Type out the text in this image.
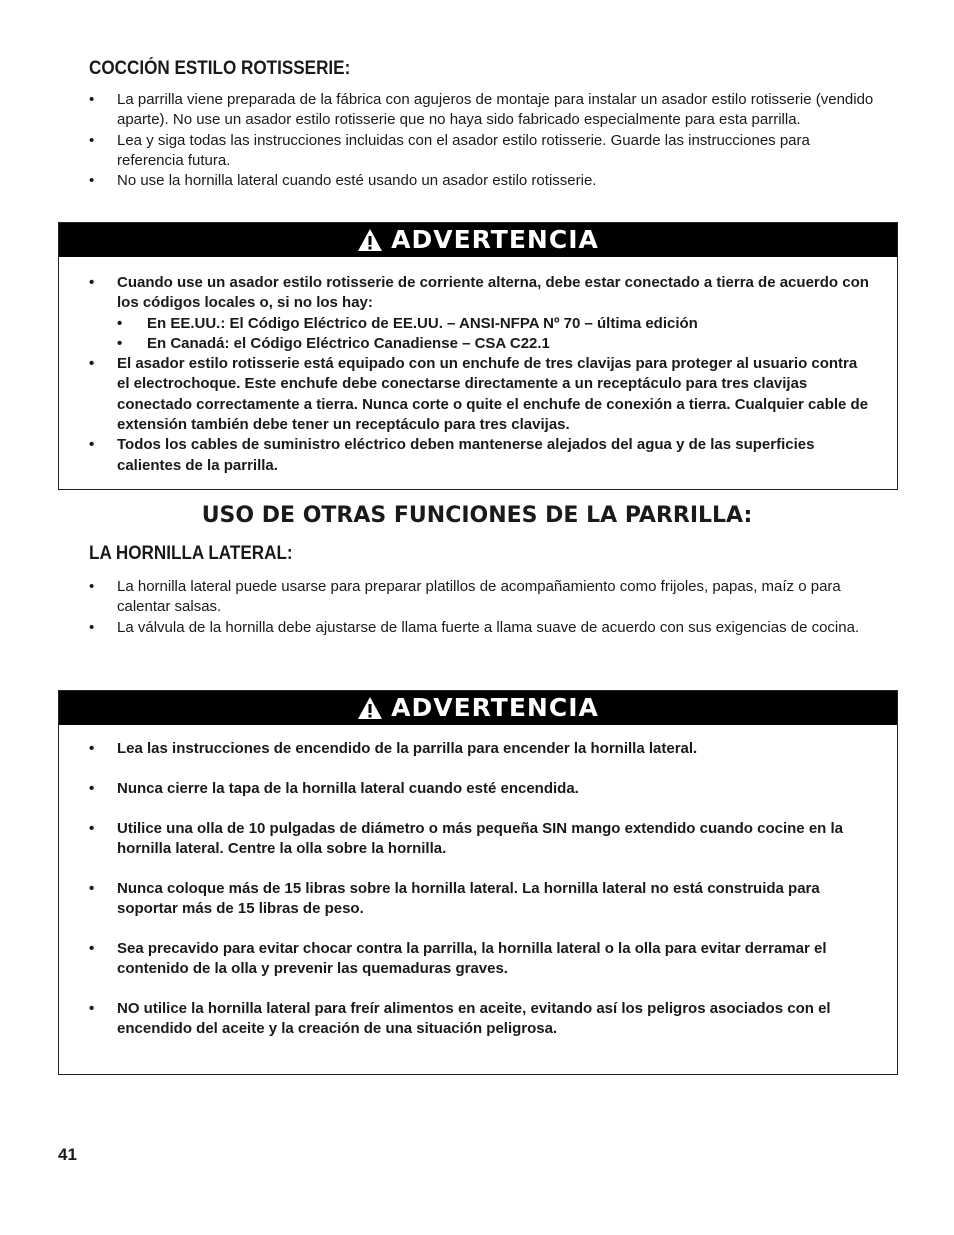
COCCIÓN ESTILO ROTISSERIE:
• La parrilla viene preparada de la fábrica con agujeros de montaje para instalar un asador estilo rotisserie (vendido aparte). No use un asador estilo rotisserie que no haya sido fabricado especialmente para esta parrilla.
• Lea y siga todas las instrucciones incluidas con el asador estilo rotisserie. Guarde las instrucciones para referencia futura.
• No use la hornilla lateral cuando esté usando un asador estilo rotisserie.
ADVERTENCIA
• Cuando use un asador estilo rotisserie de corriente alterna, debe estar conectado a tierra de acuerdo con los códigos locales o, si no los hay:
• En EE.UU.: El Código Eléctrico de EE.UU. – ANSI-NFPA Nº 70 – última edición
• En Canadá: el Código Eléctrico Canadiense – CSA C22.1
• El asador estilo rotisserie está equipado con un enchufe de tres clavijas para proteger al usuario contra el electrochoque. Este enchufe debe conectarse directamente a un receptáculo para tres clavijas conectado correctamente a tierra. Nunca corte o quite el enchufe de conexión a tierra. Cualquier cable de extensión también debe tener un receptáculo para tres clavijas.
• Todos los cables de suministro eléctrico deben mantenerse alejados del agua y de las superficies calientes de la parrilla.
USO DE OTRAS FUNCIONES DE LA PARRILLA:
LA HORNILLA LATERAL:
• La hornilla lateral puede usarse para preparar platillos de acompañamiento como frijoles, papas, maíz o para calentar salsas.
• La válvula de la hornilla debe ajustarse de llama fuerte a llama suave de acuerdo con sus exigencias de cocina.
ADVERTENCIA
• Lea las instrucciones de encendido de la parrilla para encender la hornilla lateral.
• Nunca cierre la tapa de la hornilla lateral cuando esté encendida.
• Utilice una olla de 10 pulgadas de diámetro o más pequeña SIN mango extendido cuando cocine en la hornilla lateral. Centre la olla sobre la hornilla.
• Nunca coloque más de 15 libras sobre la hornilla lateral. La hornilla lateral no está construida para soportar más de 15 libras de peso.
• Sea precavido para evitar chocar contra la parrilla, la hornilla lateral o la olla para evitar derramar el contenido de la olla y prevenir las quemaduras graves.
• NO utilice la hornilla lateral para freír alimentos en aceite, evitando así los peligros asociados con el encendido del aceite y la creación de una situación peligrosa.
41
